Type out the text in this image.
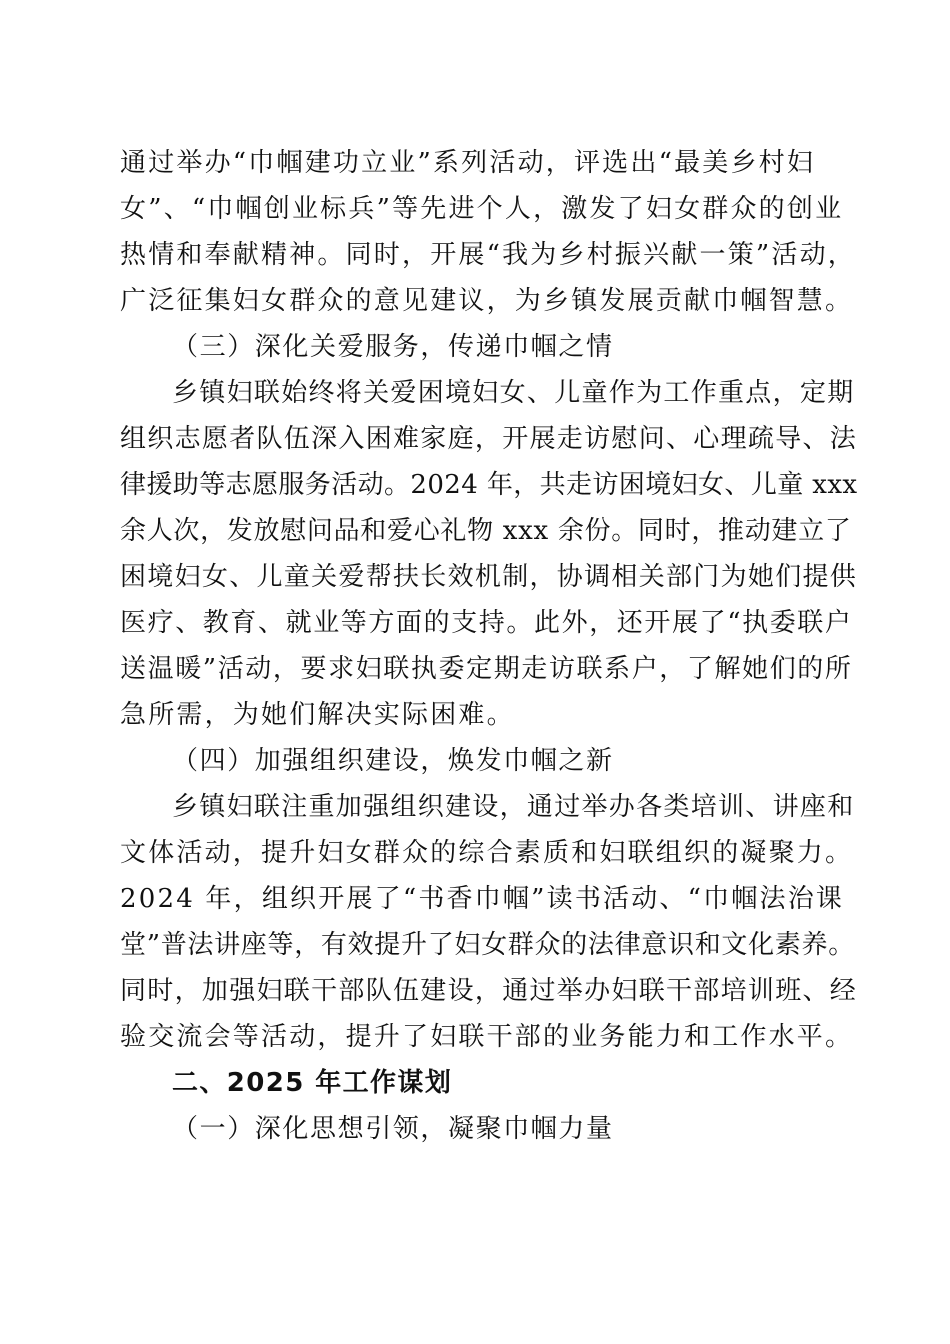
通过举办“巾帼建功立业”系列活动，评选出“最美乡村妇
女”、“巾帼创业标兵”等先进个人，激发了妇女群众的创业
热情和奉献精神。同时，开展“我为乡村振兴献一策”活动，
广泛征集妇女群众的意见建议，为乡镇发展贡献巾帼智慧。
（三）深化关爱服务，传递巾帼之情
乡镇妇联始终将关爱困境妇女、儿童作为工作重点，定期
组织志愿者队伍深入困难家庭，开展走访慰问、心理疏导、法
律援助等志愿服务活动。2024 年，共走访困境妇女、儿童 xxx
余人次，发放慰问品和爱心礼物 xxx 余份。同时，推动建立了
困境妇女、儿童关爱帮扶长效机制，协调相关部门为她们提供
医疗、教育、就业等方面的支持。此外，还开展了“执委联户
送温暖”活动，要求妇联执委定期走访联系户，了解她们的所
急所需，为她们解决实际困难。
（四）加强组织建设，焕发巾帼之新
乡镇妇联注重加强组织建设，通过举办各类培训、讲座和
文体活动，提升妇女群众的综合素质和妇联组织的凝聚力。
2024 年，组织开展了“书香巾帼”读书活动、“巾帼法治课
堂”普法讲座等，有效提升了妇女群众的法律意识和文化素养。
同时，加强妇联干部队伍建设，通过举办妇联干部培训班、经
验交流会等活动，提升了妇联干部的业务能力和工作水平。
二、2025 年工作谋划
（一）深化思想引领，凝聚巾帼力量
